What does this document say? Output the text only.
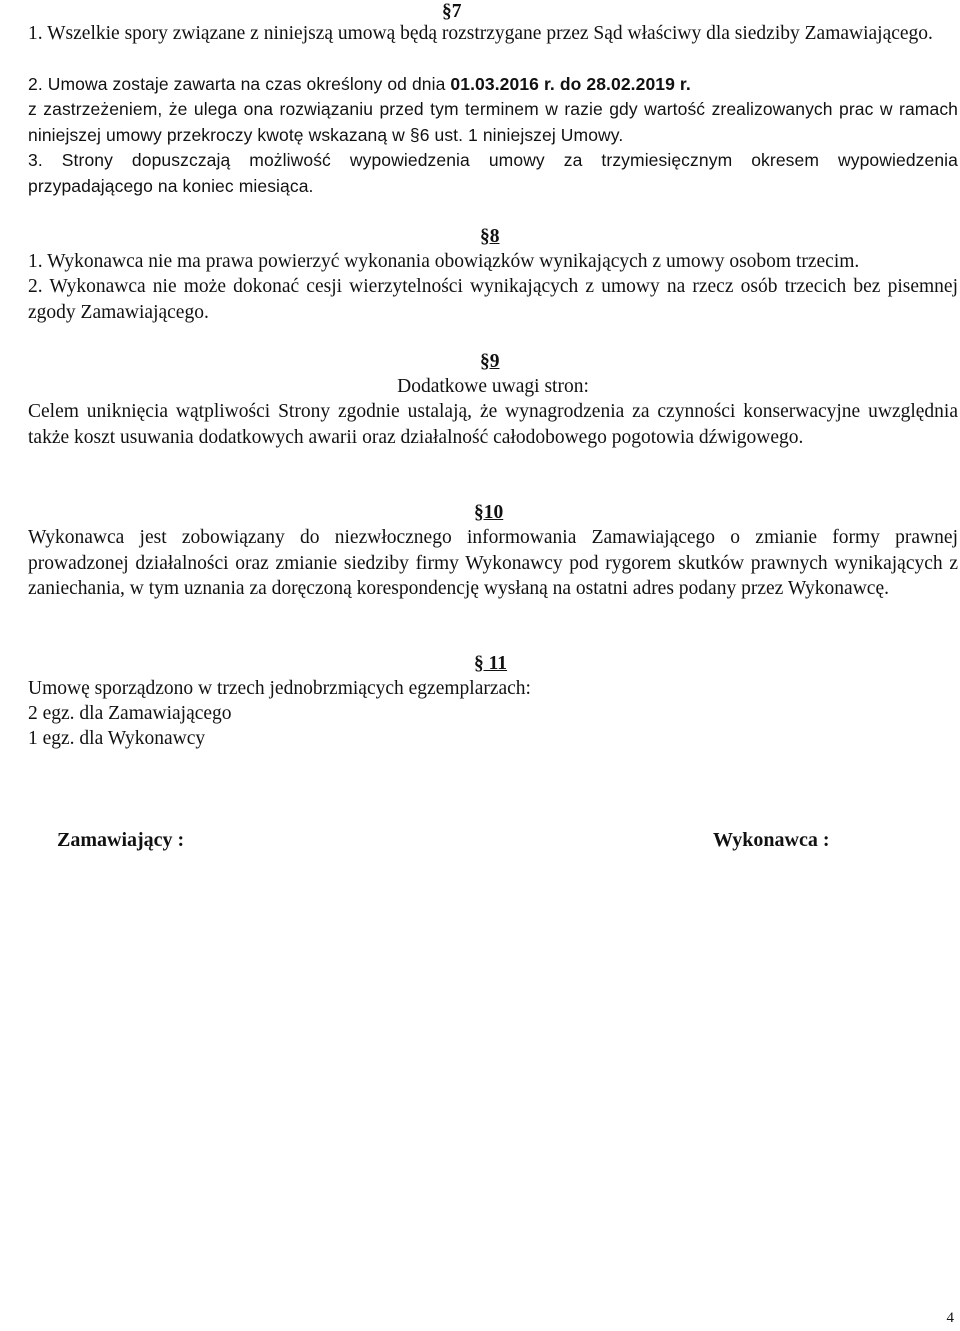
§7
1. Wszelkie spory związane z niniejszą umową będą rozstrzygane przez Sąd właściwy dla siedziby Zamawiającego.
2. Umowa zostaje zawarta na czas określony od dnia 01.03.2016 r. do 28.02.2019 r.
z zastrzeżeniem, że ulega ona rozwiązaniu przed tym terminem w razie gdy wartość zrealizowanych prac w ramach niniejszej umowy przekroczy kwotę wskazaną w §6 ust. 1 niniejszej Umowy.
3. Strony dopuszczają możliwość wypowiedzenia umowy za trzymiesięcznym okresem wypowiedzenia przypadającego na koniec miesiąca.
§8
1. Wykonawca nie ma prawa powierzyć wykonania obowiązków wynikających z umowy osobom trzecim.
2. Wykonawca nie może dokonać cesji wierzytelności wynikających z umowy na rzecz osób trzecich bez pisemnej zgody Zamawiającego.
§9
Dodatkowe uwagi stron:
Celem uniknięcia wątpliwości Strony zgodnie ustalają, że wynagrodzenia za czynności konserwacyjne uwzględnia także koszt usuwania dodatkowych awarii oraz działalność całodobowego pogotowia dźwigowego.
§10
Wykonawca jest zobowiązany do niezwłocznego informowania Zamawiającego o zmianie formy prawnej prowadzonej działalności oraz zmianie siedziby firmy Wykonawcy pod rygorem skutków prawnych wynikających z zaniechania, w tym uznania za doręczoną korespondencję wysłaną na ostatni adres podany przez Wykonawcę.
§ 11
Umowę sporządzono w trzech jednobrzmiących egzemplarzach:
2 egz. dla Zamawiającego
1 egz. dla Wykonawcy
Zamawiający :	Wykonawca :
4
